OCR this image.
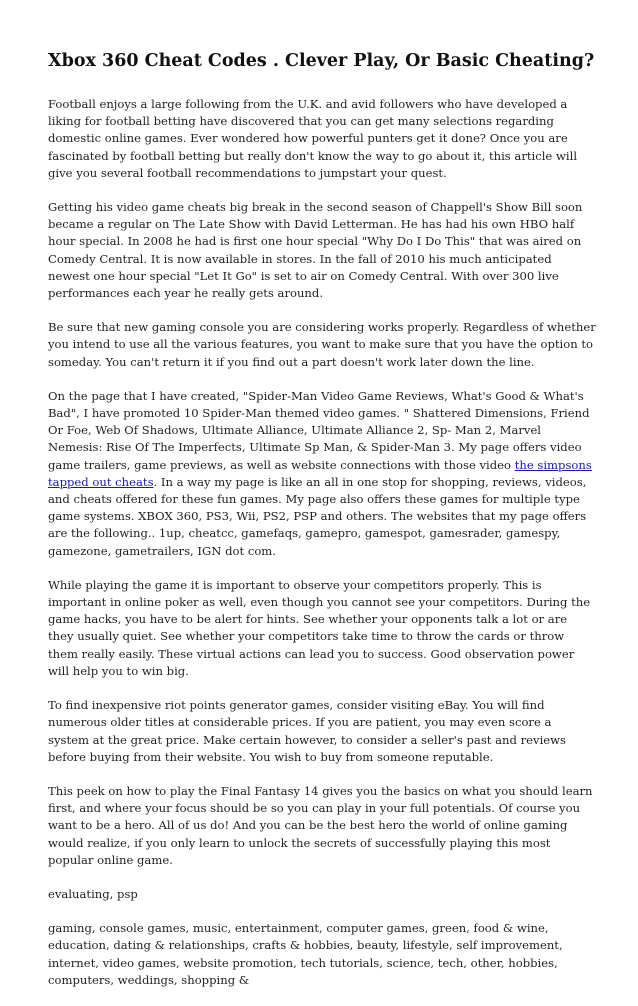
Xbox 360 Cheat Codes . Clever Play, Or Basic Cheating?

Football enjoys a large following from the U.K. and avid followers who have developed a liking for football betting have discovered that you can get many selections regarding domestic online games. Ever wondered how powerful punters get it done? Once you are fascinated by football betting but really don't know the way to go about it, this article will give you several football recommendations to jumpstart your quest.

Getting his video game cheats big break in the second season of Chappell's Show Bill soon became a regular on The Late Show with David Letterman. He has had his own HBO half hour special. In 2008 he had is first one hour special "Why Do I Do This" that was aired on Comedy Central. It is now available in stores. In the fall of 2010 his much anticipated newest one hour special "Let It Go" is set to air on Comedy Central. With over 300 live performances each year he really gets around.

Be sure that new gaming console you are considering works properly. Regardless of whether you intend to use all the various features, you want to make sure that you have the option to someday. You can't return it if you find out a part doesn't work later down the line.

On the page that I have created, "Spider-Man Video Game Reviews, What's Good & What's Bad", I have promoted 10 Spider-Man themed video games. " Shattered Dimensions, Friend Or Foe, Web Of Shadows, Ultimate Alliance, Ultimate Alliance 2, Sp- Man 2, Marvel Nemesis: Rise Of The Imperfects, Ultimate Sp Man, & Spider-Man 3. My page offers video game trailers, game previews, as well as website connections with those video the simpsons tapped out cheats. In a way my page is like an all in one stop for shopping, reviews, videos, and cheats offered for these fun games. My page also offers these games for multiple type game systems. XBOX 360, PS3, Wii, PS2, PSP and others. The websites that my page offers are the following.. 1up, cheatcc, gamefaqs, gamepro, gamespot, gamesrader, gamespy, gamezone, gametrailers, IGN dot com.

While playing the game it is important to observe your competitors properly. This is important in online poker as well, even though you cannot see your competitors. During the game hacks, you have to be alert for hints. See whether your opponents talk a lot or are they usually quiet. See whether your competitors take time to throw the cards or throw them really easily. These virtual actions can lead you to success. Good observation power will help you to win big.

To find inexpensive riot points generator games, consider visiting eBay. You will find numerous older titles at considerable prices. If you are patient, you may even score a system at the great price. Make certain however, to consider a seller's past and reviews before buying from their website. You wish to buy from someone reputable.

This peek on how to play the Final Fantasy 14 gives you the basics on what you should learn first, and where your focus should be so you can play in your full potentials. Of course you want to be a hero. All of us do! And you can be the best hero the world of online gaming would realize, if you only learn to unlock the secrets of successfully playing this most popular online game.

evaluating, psp

gaming, console games, music, entertainment, computer games, green, food & wine, education, dating & relationships, crafts & hobbies, beauty, lifestyle, self improvement, internet, video games, website promotion, tech tutorials, science, tech, other, hobbies, computers, weddings, shopping &
